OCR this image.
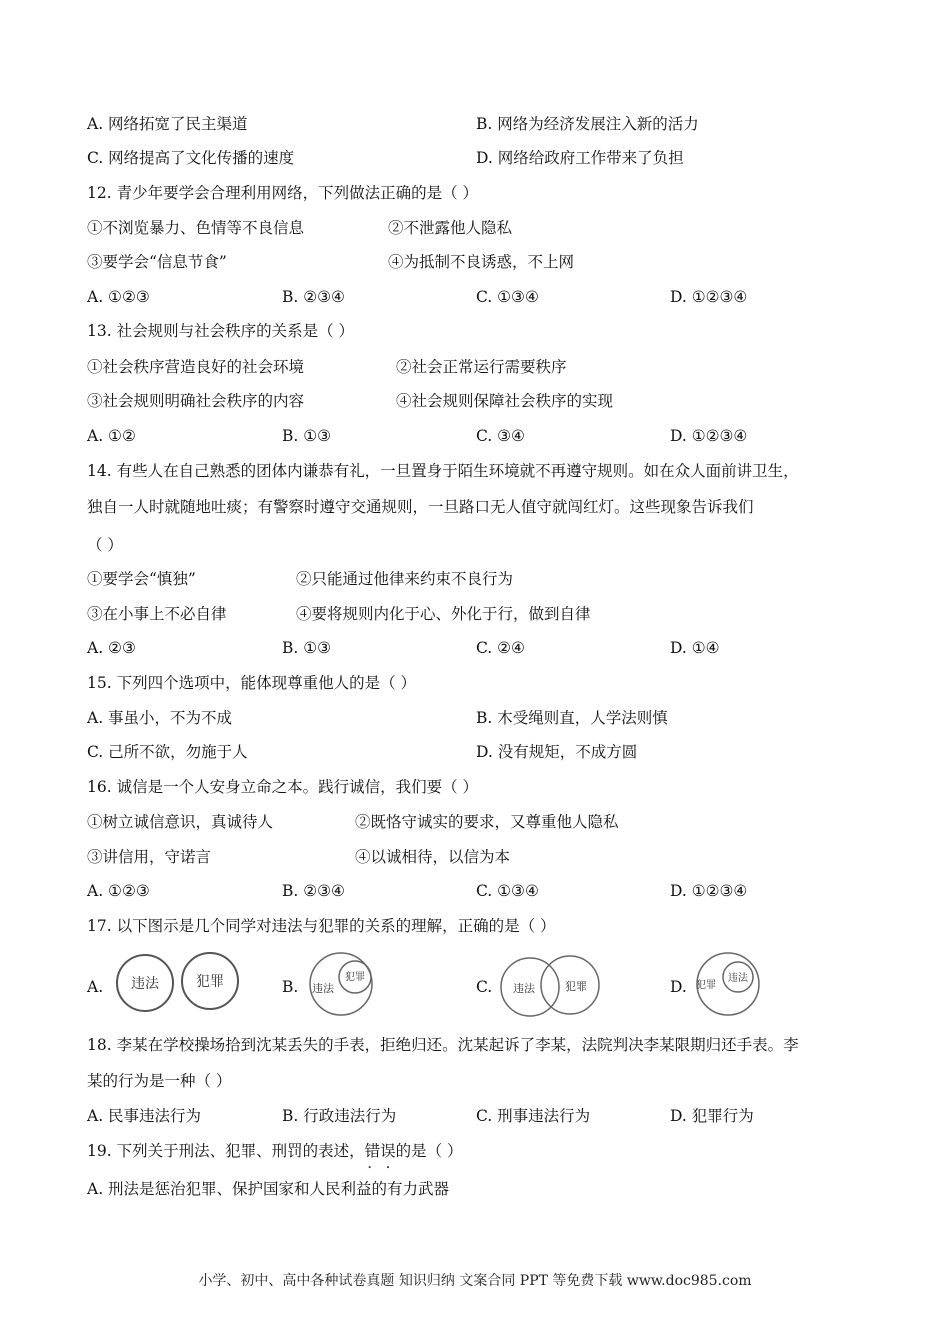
A. 网络拓宽了民主渠道	B. 网络为经济发展注入新的活力
C. 网络提高了文化传播的速度	D. 网络给政府工作带来了负担
12. 青少年要学会合理利用网络，下列做法正确的是（ ）
①不浏览暴力、色情等不良信息	②不泄露他人隐私
③要学会“信息节食”	④为抵制不良诱惑，不上网
A. ①②③	B. ②③④	C. ①③④	D. ①②③④
13. 社会规则与社会秩序的关系是（ ）
①社会秩序营造良好的社会环境	②社会正常运行需要秩序
③社会规则明确社会秩序的内容	④社会规则保障社会秩序的实现
A. ①②	B. ①③	C. ③④	D. ①②③④
14. 有些人在自己熟悉的团体内谦恭有礼，一旦置身于陌生环境就不再遵守规则。如在众人面前讲卫生，
独自一人时就随地吐痰；有警察时遵守交通规则，一旦路口无人值守就闯红灯。这些现象告诉我们
（ ）
①要学会“慎独”	②只能通过他律来约束不良行为
③在小事上不必自律	④要将规则内化于心、外化于行，做到自律
A. ②③	B. ①③	C. ②④	D. ①④
15. 下列四个选项中，能体现尊重他人的是（ ）
A. 事虽小，不为不成	B. 木受绳则直，人学法则慎
C. 己所不欲，勿施于人	D. 没有规矩，不成方圆
16. 诚信是一个人安身立命之本。践行诚信，我们要（ ）
①树立诚信意识，真诚待人	②既恪守诚实的要求，又尊重他人隐私
③讲信用，守诺言	④以诚相待，以信为本
A. ①②③	B. ②③④	C. ①③④	D. ①②③④
17. 以下图示是几个同学对违法与犯罪的关系的理解，正确的是（ ）
A. 违法	犯罪	B. 违法
犯罪
C. 违法	犯罪	D. 犯罪
违法
18. 李某在学校操场拾到沈某丢失的手表，拒绝归还。沈某起诉了李某，法院判决李某限期归还手表。李
某的行为是一种（ ）
A. 民事违法行为	B. 行政违法行为	C. 刑事违法行为	D. 犯罪行为
19. 下列关于刑法、犯罪、刑罚的表述，错误 • •的是（ ）
A. 刑法是惩治犯罪、保护国家和人民利益的有力武器
小学、初中、高中各种试卷真题 知识归纳 文案合同 PPT 等免费下载 www.doc985.com
